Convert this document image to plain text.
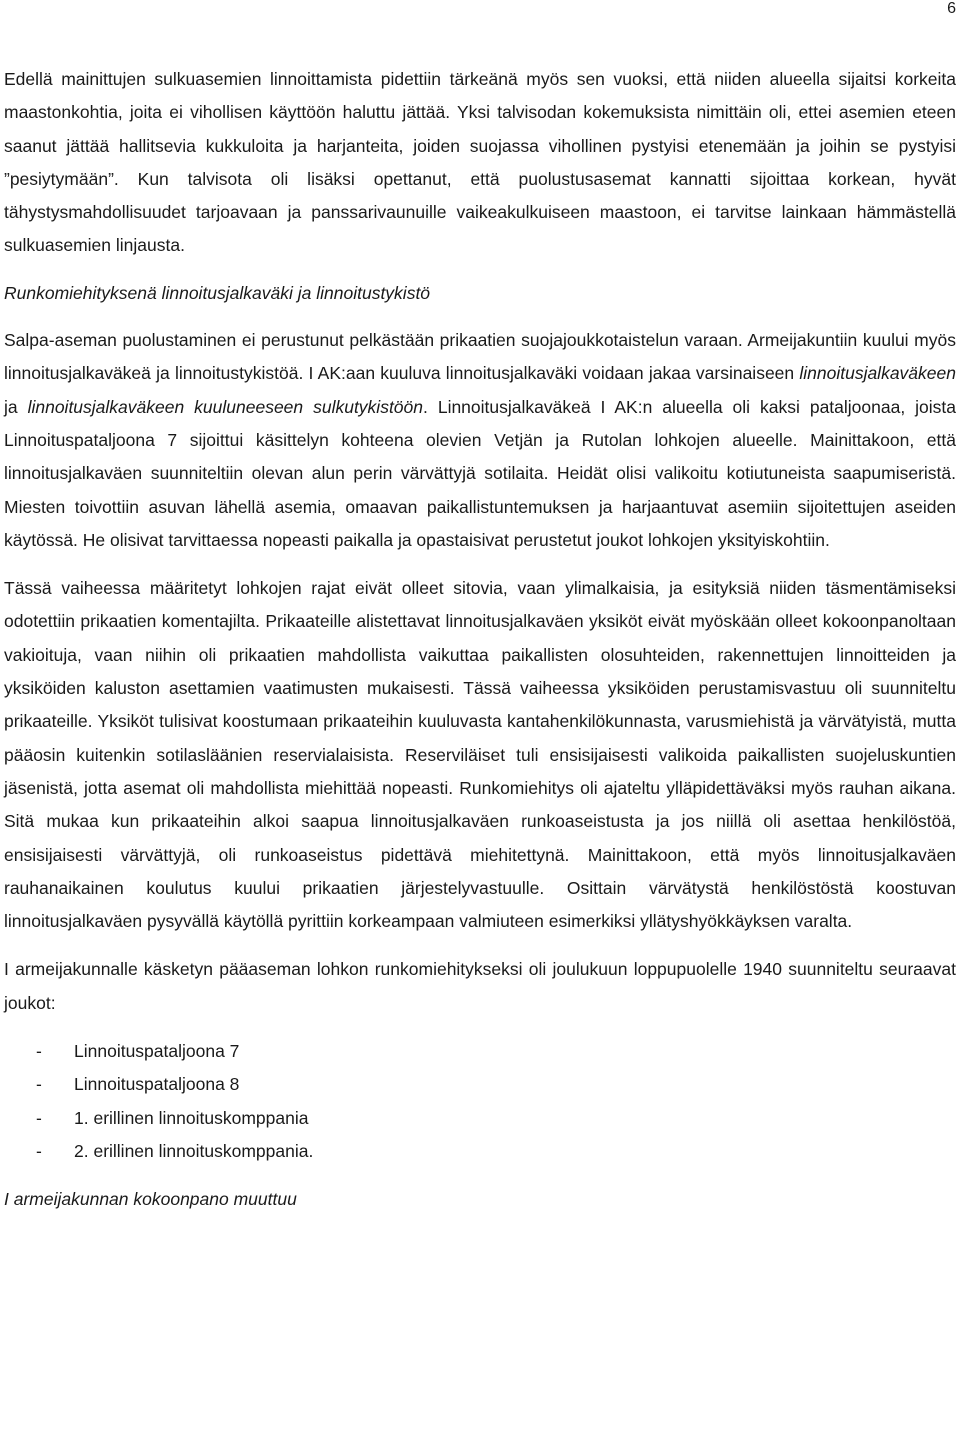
6

Edellä mainittujen sulkuasemien linnoittamista pidettiin tärkeänä myös sen vuoksi, että niiden alueella sijaitsi korkeita maastonkohtia, joita ei vihollisen käyttöön haluttu jättää. Yksi talvisodan kokemuksista nimittäin oli, ettei asemien eteen saanut jättää hallitsevia kukkuloita ja harjanteita, joiden suojassa vihollinen pystyisi etenemään ja joihin se pystyisi ”pesiytymään”. Kun talvisota oli lisäksi opettanut, että puolustusasemat kannatti sijoittaa korkean, hyvät tähystysmahdollisuudet tarjoavaan ja panssarivaunuille vaikeakulkuiseen maastoon, ei tarvitse lainkaan hämmästellä sulkuasemien linjausta.

Runkomiehityksenä linnoitusjalkaväki ja linnoitustykistö

Salpa-aseman puolustaminen ei perustunut pelkästään prikaatien suojajoukkotaistelun varaan. Armeijakuntiin kuului myös linnoitusjalkaväkeä ja linnoitustykistöä. I AK:aan kuuluva linnoitusjalkaväki voidaan jakaa varsinaiseen linnoitusjalkaväkeen ja linnoitusjalkaväkeen kuuluneeseen sulkutykistöön. Linnoitusjalkaväkeä I AK:n alueella oli kaksi pataljoonaa, joista Linnoituspataljoona 7 sijoittui käsittelyn kohteena olevien Vetjän ja Rutolan lohkojen alueelle. Mainittakoon, että linnoitusjalkaväen suunniteltiin olevan alun perin värvättyjä sotilaita. Heidät olisi valikoitu kotiutuneista saapumiseristä. Miesten toivottiin asuvan lähellä asemia, omaavan paikallistuntemuksen ja harjaantuvat asemiin sijoitettujen aseiden käytössä. He olisivat tarvittaessa nopeasti paikalla ja opastaisivat perustetut joukot lohkojen yksityiskohtiin.

Tässä vaiheessa määritetyt lohkojen rajat eivät olleet sitovia, vaan ylimalkaisia, ja esityksiä niiden täsmentämiseksi odotettiin prikaatien komentajilta. Prikaateille alistettavat linnoitusjalkaväen yksiköt eivät myöskään olleet kokoonpanoltaan vakioituja, vaan niihin oli prikaatien mahdollista vaikuttaa paikallisten olosuhteiden, rakennettujen linnoitteiden ja yksiköiden kaluston asettamien vaatimusten mukaisesti. Tässä vaiheessa yksiköiden perustamisvastuu oli suunniteltu prikaateille. Yksiköt tulisivat koostumaan prikaateihin kuuluvasta kantahenkilökunnasta, varusmiehistä ja värvätyistä, mutta pääosin kuitenkin sotilasläänien reservialaisista. Reserviläiset tuli ensisijaisesti valikoida paikallisten suojeluskuntien jäsenistä, jotta asemat oli mahdollista miehittää nopeasti. Runkomiehitys oli ajateltu ylläpidettäväksi myös rauhan aikana. Sitä mukaa kun prikaateihin alkoi saapua linnoitusjalkaväen runkoaseistusta ja jos niillä oli asettaa henkilöstöä, ensisijaisesti värvättyjä, oli runkoaseistus pidettävä miehitettynä. Mainittakoon, että myös linnoitusjalkaväen rauhanaikainen koulutus kuului prikaatien järjestelyvastuulle. Osittain värvätystä henkilöstöstä koostuvan linnoitusjalkaväen pysyvällä käytöllä pyrittiin korkeampaan valmiuteen esimerkiksi yllätyshyökkäyksen varalta.

I armeijakunnalle käsketyn pääaseman lohkon runkomiehitykseksi oli joulukuun loppupuolelle 1940 suunniteltu seuraavat joukot:

- Linnoituspataljoona 7
- Linnoituspataljoona 8
- 1. erillinen linnoituskomppania
- 2. erillinen linnoituskomppania.

I armeijakunnan kokoonpano muuttuu
